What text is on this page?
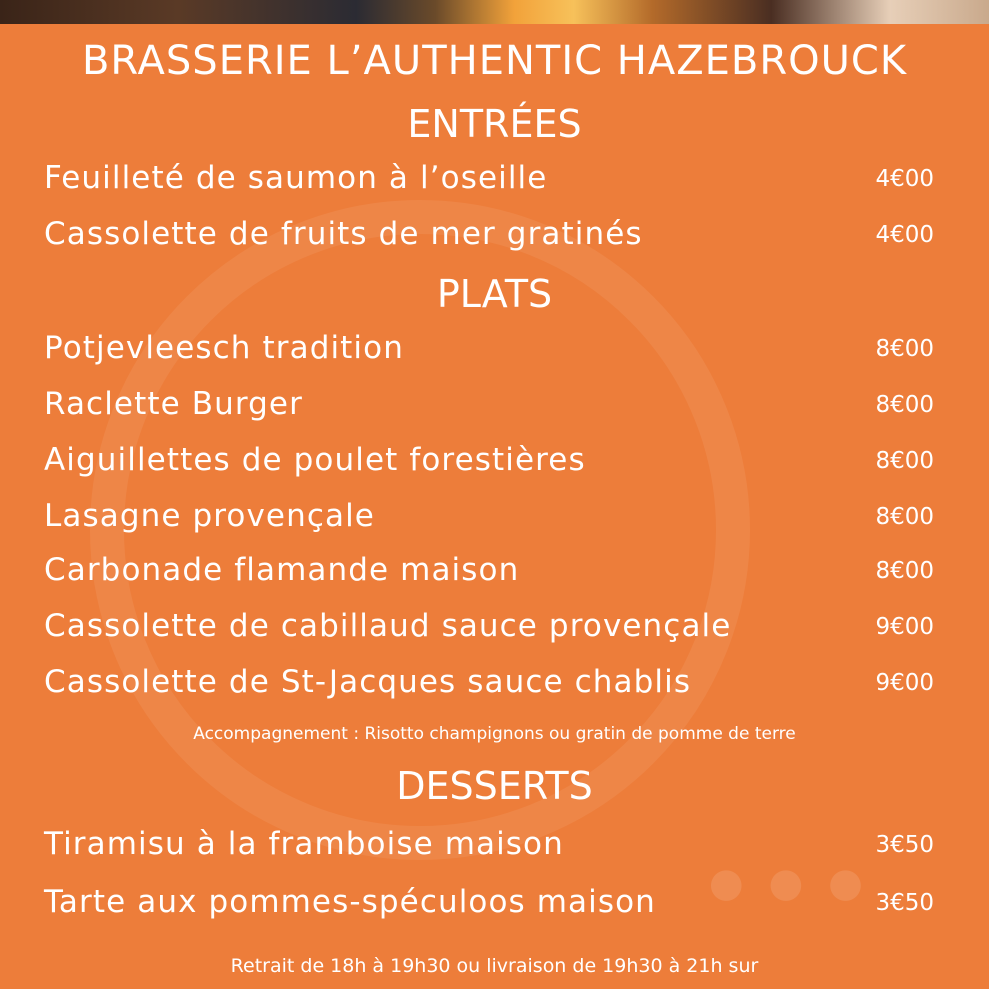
● ● ●
BRASSERIE L’AUTHENTIC HAZEBROUCK
ENTRÉES
Feuilleté de saumon à l’oseille	4€00
Cassolette de fruits de mer gratinés	4€00
PLATS
Potjevleesch tradition	8€00
Raclette Burger	8€00
Aiguillettes de poulet forestières	8€00
Lasagne provençale	8€00
Carbonade flamande maison	8€00
Cassolette de cabillaud sauce provençale	9€00
Cassolette de St-Jacques sauce chablis	9€00
Accompagnement : Risotto champignons ou gratin de pomme de terre
DESSERTS
Tiramisu à la framboise maison	3€50
Tarte aux pommes-spéculoos maison	3€50
Retrait de 18h à 19h30 ou livraison de 19h30 à 21h sur
